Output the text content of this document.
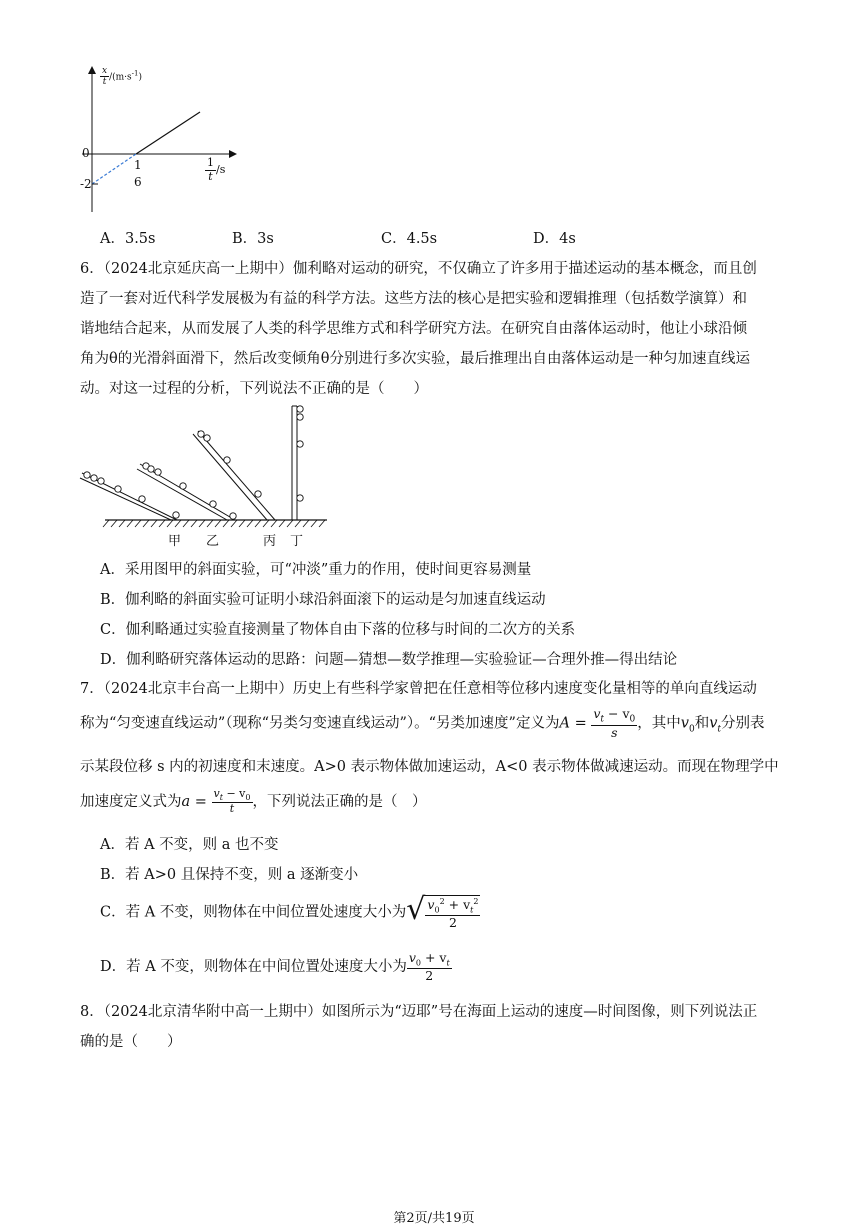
$\frac{x}{t} /(m\cdot s^{-1})$
0
-2
1
6	$\frac{1}{t} /s$
A．3.5s	B．3s	C．4.5s	D．4s
6．（2024北京延庆高一上期中）伽利略对运动的研究，不仅确立了许多用于描述运动的基本概念，而且创
造了一套对近代科学发展极为有益的科学方法。这些方法的核心是把实验和逻辑推理（包括数学演算）和
谐地结合起来，从而发展了人类的科学思维方式和科学研究方法。在研究自由落体运动时，他让小球沿倾
角为θ的光滑斜面滑下，然后改变倾角θ分别进行多次实验，最后推理出自由落体运动是一种匀加速直线运
动。对这一过程的分析，下列说法不正确的是（　　）
甲 乙	丙 丁
A．采用图甲的斜面实验，可“冲淡”重力的作用，使时间更容易测量
B．伽利略的斜面实验可证明小球沿斜面滚下的运动是匀加速直线运动
C．伽利略通过实验直接测量了物体自由下落的位移与时间的二次方的关系
D．伽利略研究落体运动的思路：问题—猜想—数学推理—实验验证—合理外推—得出结论
7．（2024北京丰台高一上期中）历史上有些科学家曾把在任意相等位移内速度变化量相等的单向直线运动
称为“匀变速直线运动”（现称“另类匀变速直线运动”）。“另类加速度”定义为$A = \frac{v_t - v_0}{s}$ ，其中$v_0$和$v_t$分别表
示某段位移 s 内的初速度和末速度。A>0 表示物体做加速运动，A<0 表示物体做减速运动。而现在物理学中
加速度定义式为$a = \frac{v_t - v_0}{t}$ ，下列说法正确的是（　）
A．若 A 不变，则 a 也不变
B．若 A>0 且保持不变，则 a 逐渐变小
C．若 A 不变，则物体在中间位置处速度大小为 √ $\frac{v_0^2 + v_t^2}{2}$
D．若 A 不变，则物体在中间位置处速度大小为 $\frac{v_0 + v_t}{2}$
8．（2024北京清华附中高一上期中）如图所示为“迈耶”号在海面上运动的速度—时间图像，则下列说法正
确的是（　　）
第2页/共19页
